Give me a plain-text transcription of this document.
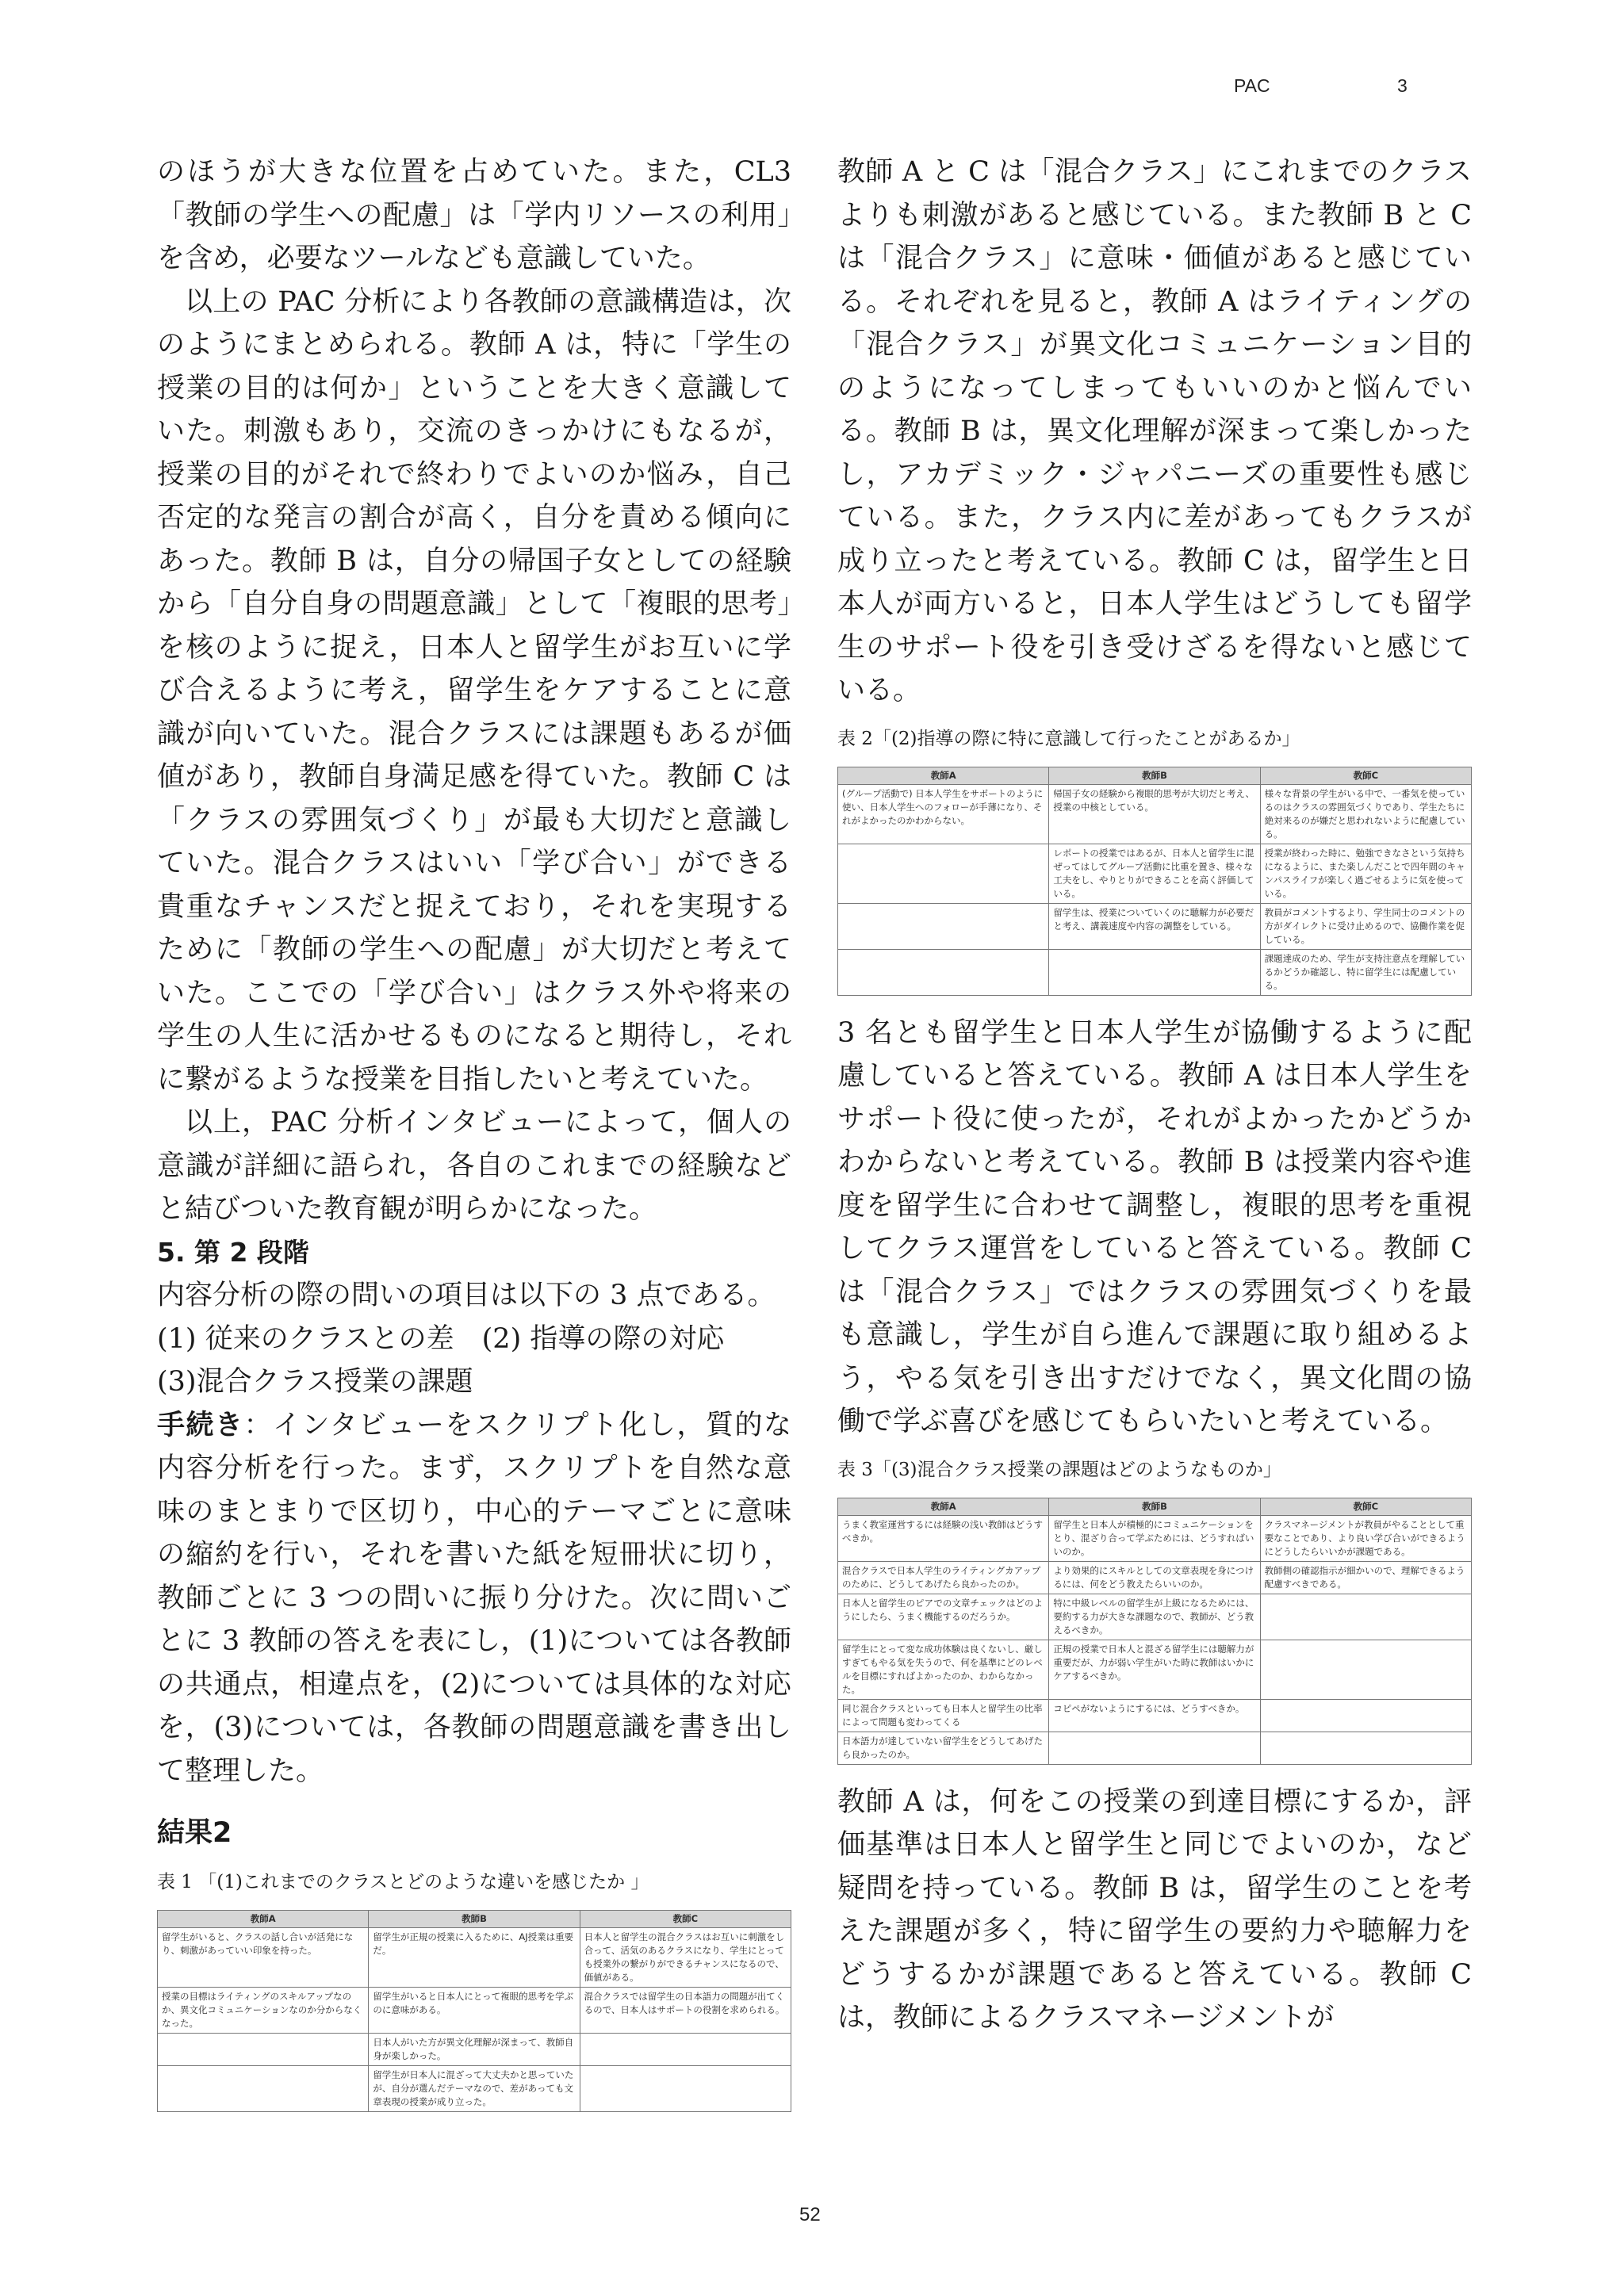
PAC	3

のほうが大きな位置を占めていた。また，CL3「教師の学生への配慮」は「学内リソースの利用」を含め，必要なツールなども意識していた。

以上の PAC 分析により各教師の意識構造は，次のようにまとめられる。教師 A は，特に「学生の授業の目的は何か」ということを大きく意識していた。刺激もあり，交流のきっかけにもなるが，授業の目的がそれで終わりでよいのか悩み，自己否定的な発言の割合が高く，自分を責める傾向にあった。教師 B は，自分の帰国子女としての経験から「自分自身の問題意識」として「複眼的思考」を核のように捉え，日本人と留学生がお互いに学び合えるように考え，留学生をケアすることに意識が向いていた。混合クラスには課題もあるが価値があり，教師自身満足感を得ていた。教師 C は「クラスの雰囲気づくり」が最も大切だと意識していた。混合クラスはいい「学び合い」ができる貴重なチャンスだと捉えており，それを実現するために「教師の学生への配慮」が大切だと考えていた。ここでの「学び合い」はクラス外や将来の学生の人生に活かせるものになると期待し，それに繋がるような授業を目指したいと考えていた。

以上，PAC 分析インタビューによって，個人の意識が詳細に語られ，各自のこれまでの経験などと結びついた教育観が明らかになった。

5. 第 2 段階

内容分析の際の問いの項目は以下の 3 点である。

(1) 従来のクラスとの差　(2) 指導の際の対応

(3)混合クラス授業の課題

手続き：インタビューをスクリプト化し，質的な内容分析を行った。まず，スクリプトを自然な意味のまとまりで区切り，中心的テーマごとに意味の縮約を行い，それを書いた紙を短冊状に切り，教師ごとに 3 つの問いに振り分けた。次に問いごとに 3 教師の答えを表にし，(1)については各教師の共通点，相違点を，(2)については具体的な対応を，(3)については，各教師の問題意識を書き出して整理した。

結果2
表 1 「(1)これまでのクラスとどのような違いを感じたか 」
教師A	教師B	教師C
留学生がいると、クラスの話し合いが活発になり、刺激があっていい印象を持った。	留学生が正規の授業に入るために、AJ授業は重要だ。	日本人と留学生の混合クラスはお互いに刺激をし合って、活気のあるクラスになり、学生にとっても授業外の繋がりができるチャンスになるので、価値がある。
授業の目標はライティングのスキルアップなのか、異文化コミュニケーションなのか分からなくなった。	留学生がいると日本人にとって複眼的思考を学ぶのに意味がある。	混合クラスでは留学生の日本語力の問題が出てくるので、日本人はサポートの役割を求められる。
	日本人がいた方が異文化理解が深まって、教師自身が楽しかった。	
	留学生が日本人に混ざって大丈夫かと思っていたが、自分が選んだテーマなので、差があっても文章表現の授業が成り立った。	

教師 A と C は「混合クラス」にこれまでのクラスよりも刺激があると感じている。また教師 B と C は「混合クラス」に意味・価値があると感じている。それぞれを見ると，教師 A はライティングの「混合クラス」が異文化コミュニケーション目的のようになってしまってもいいのかと悩んでいる。教師 B は，異文化理解が深まって楽しかったし，アカデミック・ジャパニーズの重要性も感じている。また，クラス内に差があってもクラスが成り立ったと考えている。教師 C は，留学生と日本人が両方いると，日本人学生はどうしても留学生のサポート役を引き受けざるを得ないと感じている。

表 2「(2)指導の際に特に意識して行ったことがあるか」
教師A	教師B	教師C
(グループ活動で) 日本人学生をサポートのように使い、日本人学生へのフォローが手薄になり、それがよかったのかわからない。	帰国子女の経験から複眼的思考が大切だと考え、授業の中核としている。	様々な背景の学生がいる中で、一番気を使っているのはクラスの雰囲気づくりであり、学生たちに絶対来るのが嫌だと思われないように配慮している。
	レポートの授業ではあるが、日本人と留学生に混ぜってはしてグループ活動に比重を置き、様々な工夫をし、やりとりができることを高く評価している。	授業が終わった時に、勉強できなさという気持ちになるように、また楽しんだことで四年間のキャンパスライフが楽しく過ごせるように気を使っている。
	留学生は、授業についていくのに聴解力が必要だと考え、講義速度や内容の調整をしている。	教員がコメントするより、学生同士のコメントの方がダイレクトに受け止めるので、協働作業を促している。
		課題達成のため、学生が支持注意点を理解しているかどうか確認し、特に留学生には配慮している。

3 名とも留学生と日本人学生が協働するように配慮していると答えている。教師 A は日本人学生をサポート役に使ったが，それがよかったかどうかわからないと考えている。教師 B は授業内容や進度を留学生に合わせて調整し，複眼的思考を重視してクラス運営をしていると答えている。教師 C は「混合クラス」ではクラスの雰囲気づくりを最も意識し，学生が自ら進んで課題に取り組めるよう，やる気を引き出すだけでなく，異文化間の協働で学ぶ喜びを感じてもらいたいと考えている。

表 3「(3)混合クラス授業の課題はどのようなものか」
教師A	教師B	教師C
うまく教室運営するには経験の浅い教師はどうすべきか。	留学生と日本人が積極的にコミュニケーションをとり、混ざり合って学ぶためには、どうすればいいのか。	クラスマネージメントが教員がやることとして重要なことであり、より良い学び合いができるようにどうしたらいいかが課題である。
混合クラスで日本人学生のライティングカアップのために、どうしてあげたら良かったのか。	より効果的にスキルとしての文章表現を身につけるには、何をどう教えたらいいのか。	教師側の確認指示が細かいので、理解できるよう配慮すべきである。
日本人と留学生のピアでの文章チェックはどのようにしたら、うまく機能するのだろうか。	特に中級レベルの留学生が上級になるためには、要約する力が大きな課題なので、教師が、どう教えるべきか。	
留学生にとって変な成功体験は良くないし、厳しすぎてもやる気を失うので、何を基準にどのレベルを目標にすればよかったのか、わからなかった。	正規の授業で日本人と混ざる留学生には聴解力が重要だが、力が弱い学生がいた時に教師はいかにケアするべきか。	
同じ混合クラスといっても日本人と留学生の比率によって問題も変わってくる	コピペがないようにするには、どうすべきか。	
日本語力が達していない留学生をどうしてあげたら良かったのか。		

教師 A は，何をこの授業の到達目標にするか，評価基準は日本人と留学生と同じでよいのか，など疑問を持っている。教師 B は，留学生のことを考えた課題が多く，特に留学生の要約力や聴解力をどうするかが課題であると答えている。教師 C は，教師によるクラスマネージメントが

52
